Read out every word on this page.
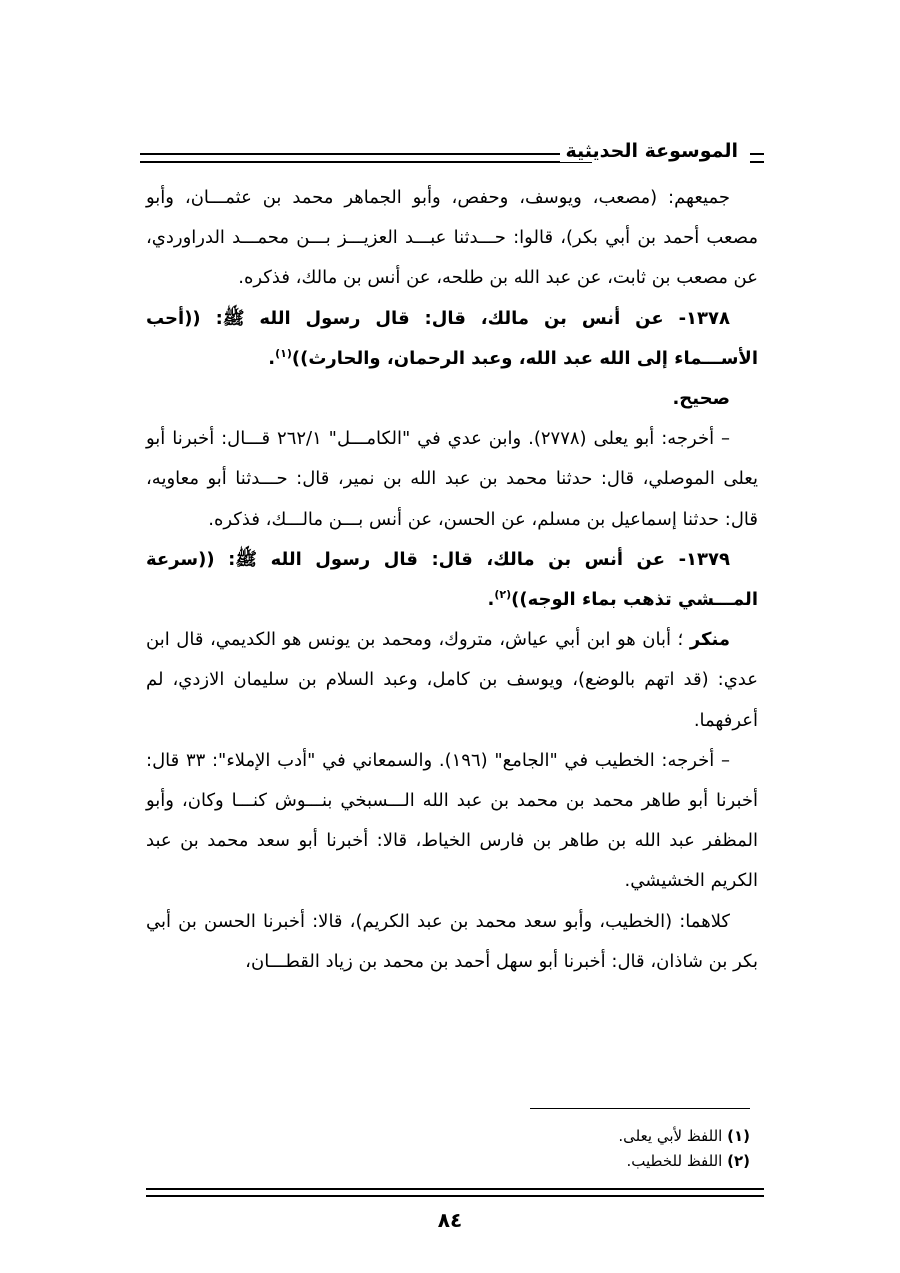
الموسوعة الحديثية

جميعهم: (مصعب، ويوسف، وحفص، وأبو الجماهر محمد بن عثمـــان، وأبو مصعب أحمد بن أبي بكر)، قالوا: حـــدثنا عبـــد العزيـــز بـــن محمـــد الدراوردي، عن مصعب بن ثابت، عن عبد الله بن طلحه، عن أنس بن مالك، فذكره.

١٣٧٨- عن أنس بن مالك، قال: قال رسول الله ﷺ: ((أحب الأســـماء إلى الله عبد الله، وعبد الرحمان، والحارث))$^{(١)}$.

صحيح.

– أخرجه: أبو يعلى (٢٧٧٨). وابن عدي في "الكامـــل" ٢٦٢/١ قـــال: أخبرنا أبو يعلى الموصلي، قال: حدثنا محمد بن عبد الله بن نمير، قال: حـــدثنا أبو معاويه، قال: حدثنا إسماعيل بن مسلم، عن الحسن، عن أنس بـــن مالـــك، فذكره.

١٣٧٩- عن أنس بن مالك، قال: قال رسول الله ﷺ: ((سرعة المـــشي تذهب بماء الوجه))$^{(٢)}$.

منكر ؛ أبان هو ابن أبي عياش، متروك، ومحمد بن يونس هو الكديمي، قال ابن عدي: (قد اتهم بالوضع)، ويوسف بن كامل، وعبد السلام بن سليمان الازدي، لم أعرفهما.

– أخرجه: الخطيب في "الجامع" (١٩٦). والسمعاني في "أدب الإملاء": ٣٣ قال: أخبرنا أبو طاهر محمد بن محمد بن عبد الله الـــسبخي بنـــوش كنـــا وكان، وأبو المظفر عبد الله بن طاهر بن فارس الخياط، قالا: أخبرنا أبو سعد محمد بن عبد الكريم الخشيشي.

كلاهما: (الخطيب، وأبو سعد محمد بن عبد الكريم)، قالا: أخبرنا الحسن بن أبي بكر بن شاذان، قال: أخبرنا أبو سهل أحمد بن محمد بن زياد القطـــان،

(١) اللفظ لأبي يعلى.

(٢) اللفظ للخطيب.

٨٤
